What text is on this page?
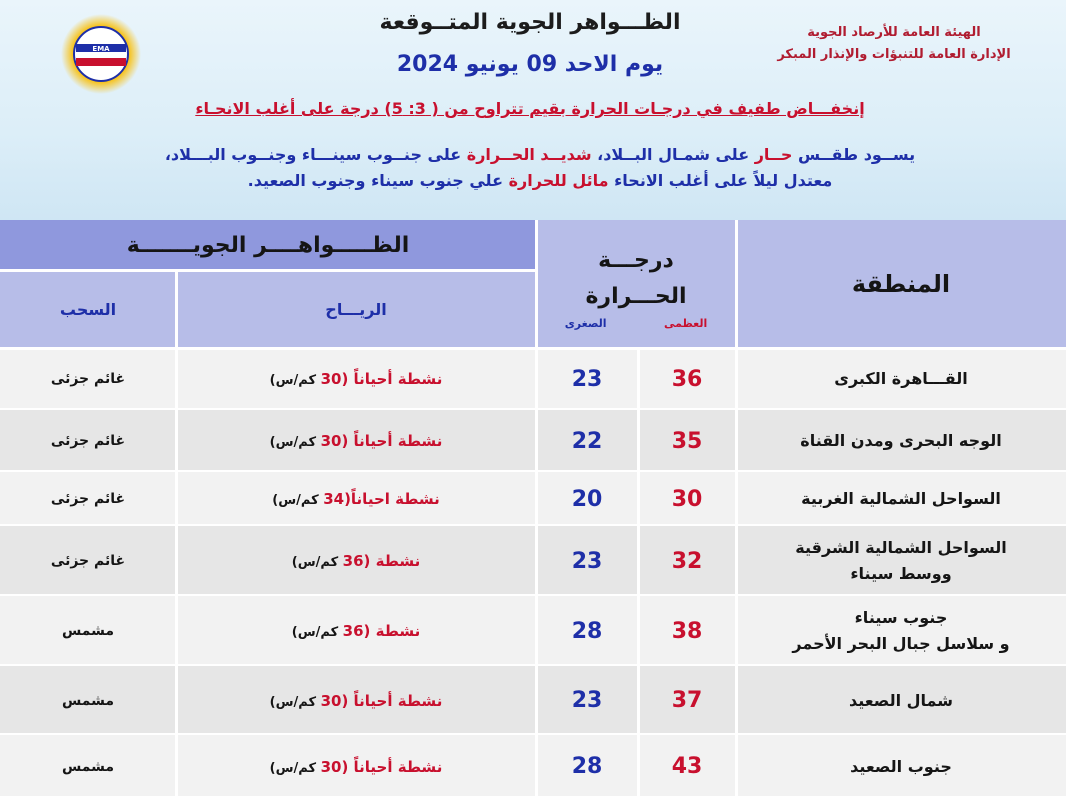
EMA
الهيئة العامة للأرصاد الجوية
الإدارة العامة للتنبؤات والإنذار المبكر
الظـــواهر الجوية المتــوقعة
يوم الاحد 09 يونيو 2024
إنخفـــاض طفيف في درجـات الحرارة بقيم تتراوح من ( 3: 5) درجة على أغلب الانحـاء
يســود طقــس حــار على شمـال البــلاد، شديــد الحــرارة على جنــوب سينـــاء وجنــوب البـــلاد،
معتدل ليلاً على أغلب الانحاء مائل للحرارة علي جنوب سيناء وجنوب الصعيد.
المنطقة
درجـــة الحـــرارة
الصغرى	العظمى
الظـــــواهــــر الجويـــــــة
الريـــاح
السحب
القـــاهرة الكبرى
36
23
نشطة أحياناً (30 كم/س)
غائم جزئى
الوجه البحرى ومدن القناة
35
22
نشطة أحياناً (30 كم/س)
غائم جزئى
السواحل الشمالية الغربية
30
20
نشطة احياناً(34 كم/س)
غائم جزئى
السواحل الشمالية الشرقية
ووسط سيناء
32
23
نشطة (36 كم/س)
غائم جزئى
جنوب سيناء
و سلاسل جبال البحر الأحمر
38
28
نشطة (36 كم/س)
مشمس
شمال الصعيد
37
23
نشطة أحياناً (30 كم/س)
مشمس
جنوب الصعيد
43
28
نشطة أحياناً (30 كم/س)
مشمس
